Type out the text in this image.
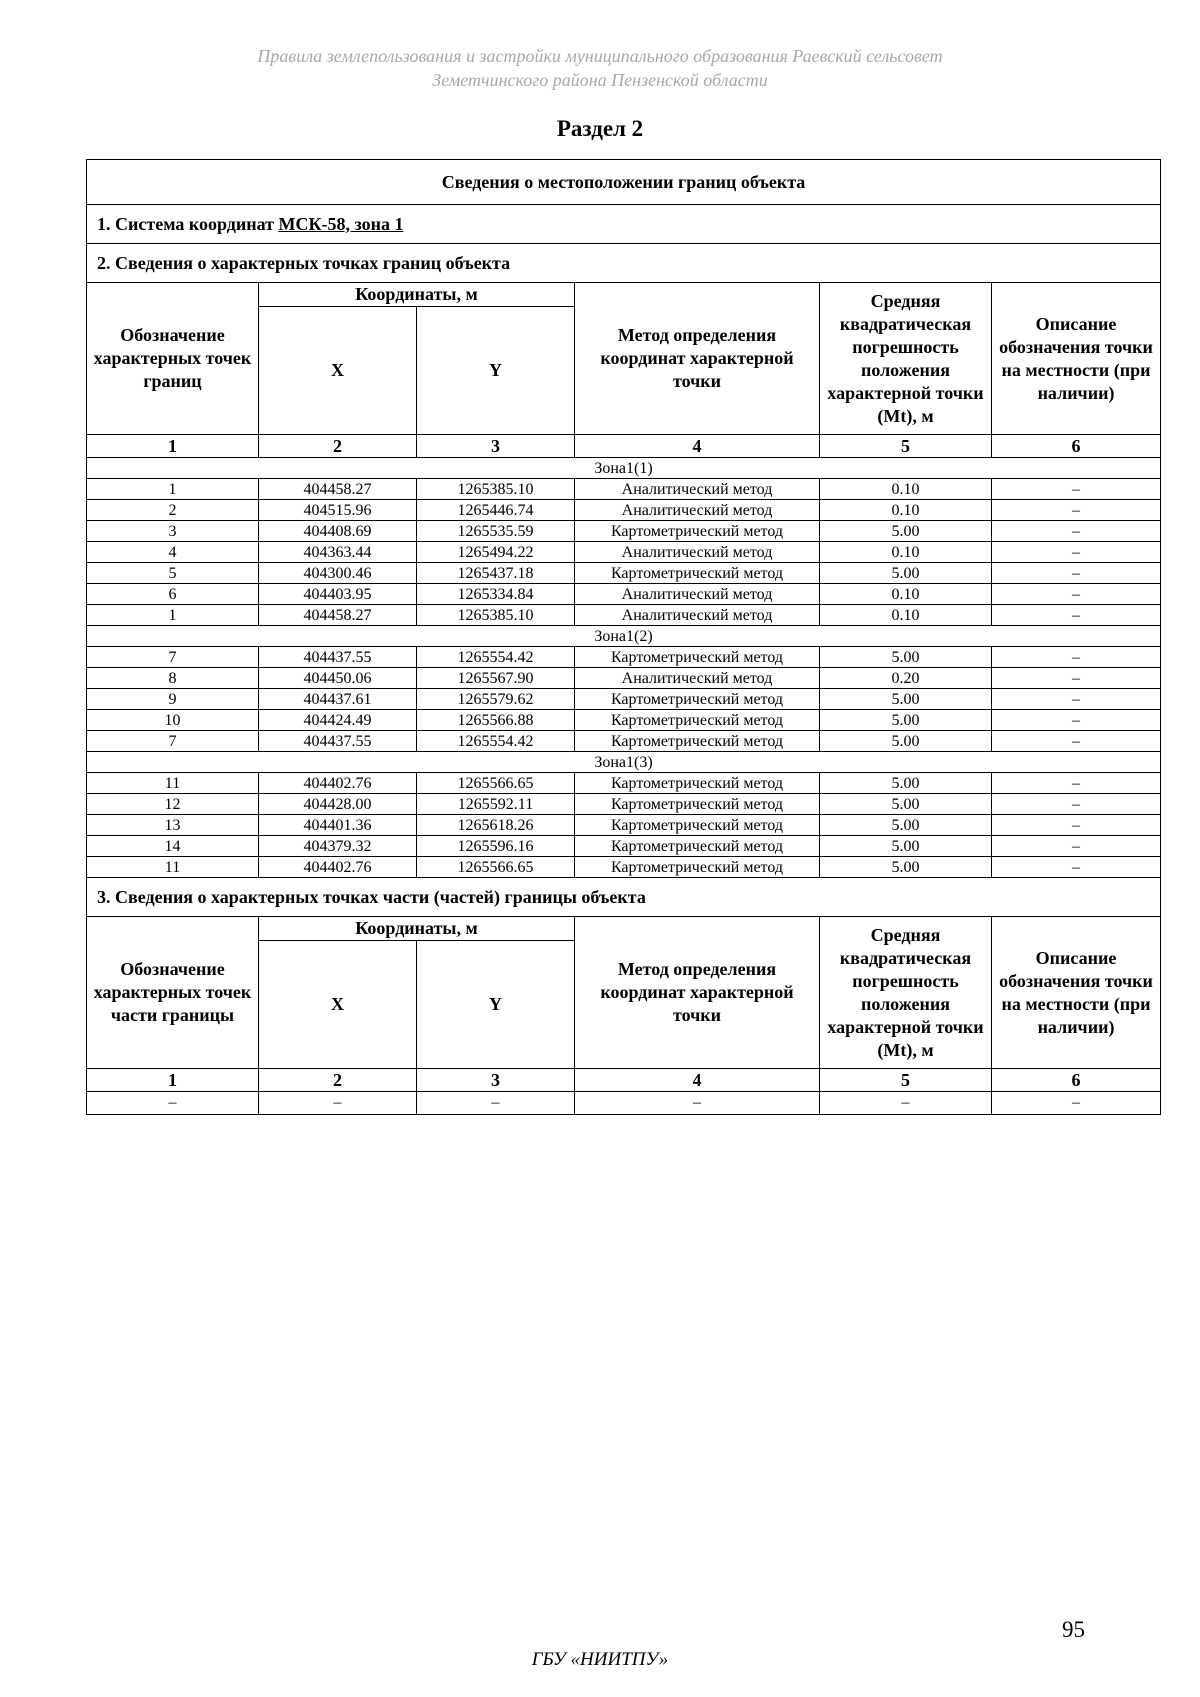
Правила землепользования и застройки муниципального образования Раевский сельсовет
Земетчинского района Пензенской области
Раздел 2
Сведения о местоположении границ объекта					
1. Система координат МСК-58, зона 1					
2. Сведения о характерных точках границ объекта					
Обозначение характерных точек границ	Координаты, м		Метод определения координат характерной точки	Средняя квадратическая погрешность положения характерной точки (Mt), м	Описание обозначения точки на местности (при наличии)
	X	Y			
1	2	3	4	5	6
Зона1(1)					
1	404458.27	1265385.10	Аналитический метод	0.10	–
2	404515.96	1265446.74	Аналитический метод	0.10	–
3	404408.69	1265535.59	Картометрический метод	5.00	–
4	404363.44	1265494.22	Аналитический метод	0.10	–
5	404300.46	1265437.18	Картометрический метод	5.00	–
6	404403.95	1265334.84	Аналитический метод	0.10	–
1	404458.27	1265385.10	Аналитический метод	0.10	–
Зона1(2)					
7	404437.55	1265554.42	Картометрический метод	5.00	–
8	404450.06	1265567.90	Аналитический метод	0.20	–
9	404437.61	1265579.62	Картометрический метод	5.00	–
10	404424.49	1265566.88	Картометрический метод	5.00	–
7	404437.55	1265554.42	Картометрический метод	5.00	–
Зона1(3)					
11	404402.76	1265566.65	Картометрический метод	5.00	–
12	404428.00	1265592.11	Картометрический метод	5.00	–
13	404401.36	1265618.26	Картометрический метод	5.00	–
14	404379.32	1265596.16	Картометрический метод	5.00	–
11	404402.76	1265566.65	Картометрический метод	5.00	–
3. Сведения о характерных точках части (частей) границы объекта					
Обозначение характерных точек части границы	Координаты, м		Метод определения координат характерной точки	Средняя квадратическая погрешность положения характерной точки (Mt), м	Описание обозначения точки на местности (при наличии)
	X	Y			
1	2	3	4	5	6
–	–	–	–	–	–
95
ГБУ «НИИТПУ»
